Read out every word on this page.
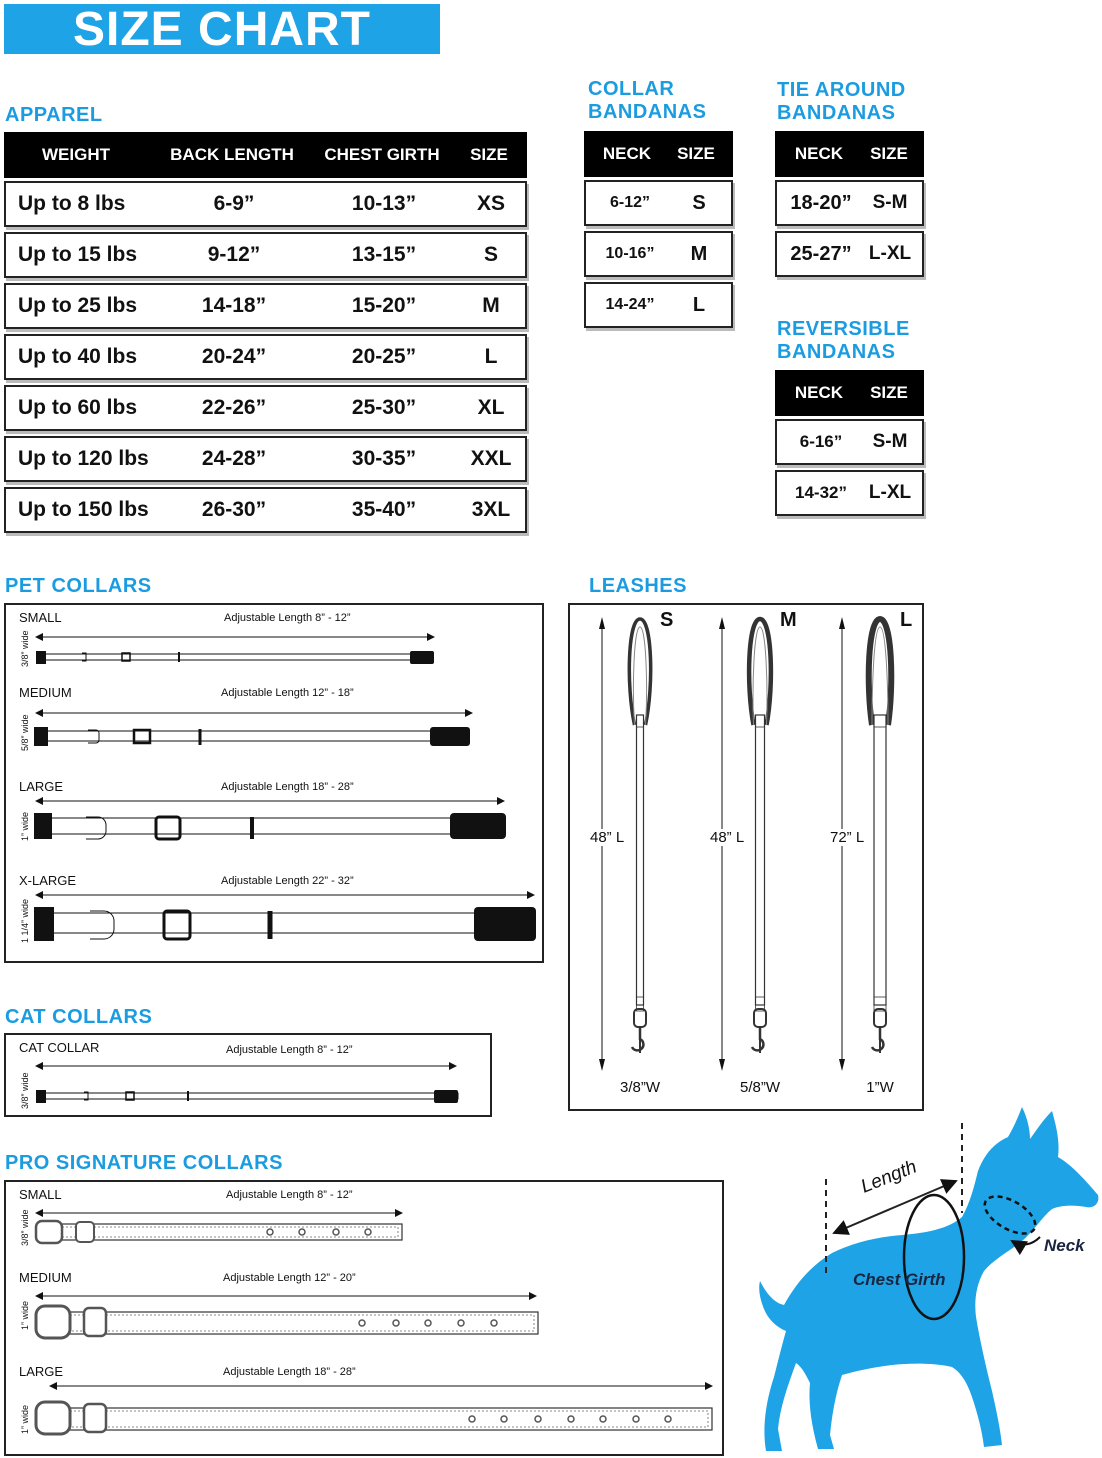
SIZE CHART
APPAREL
WEIGHT	BACK LENGTH	CHEST GIRTH	SIZE
Up to 8 lbs	6-9”	10-13”	XS
Up to 15 lbs	9-12”	13-15”	S
Up to 25 lbs	14-18”	15-20”	M
Up to 40 lbs	20-24”	20-25”	L
Up to 60 lbs	22-26”	25-30”	XL
Up to 120 lbs	24-28”	30-35”	XXL
Up to 150 lbs	26-30”	35-40”	3XL
COLLAR
BANDANAS
NECK	SIZE
6-12”	S
10-16”	M
14-24”	L
TIE AROUND
BANDANAS
NECK	SIZE
18-20”	S-M
25-27” L-XL
REVERSIBLE
BANDANAS
NECK	SIZE
6-16”	S-M
14-32”	L-XL
PET COLLARS
SMALL	Adjustable Length 8” - 12”
3/8” wide
MEDIUM	Adjustable Length 12” - 18”
5/8” wide
LARGE	Adjustable Length 18” - 28”
1” wide
X-LARGE	Adjustable Length 22” - 32”
1 1/4” wide
CAT COLLARS
CAT COLLAR	Adjustable Length 8” - 12”
3/8” wide
PRO SIGNATURE COLLARS
SMALL	Adjustable Length 8” - 12”
3/8” wide
MEDIUM	Adjustable Length 12” - 20”
1” wide
LARGE	Adjustable Length 18” - 28”
1” wide
LEASHES
S
48” L
3/8”W
M
48” L
5/8”W
L
72” L
1”W
Length
Chest Girth
Neck
